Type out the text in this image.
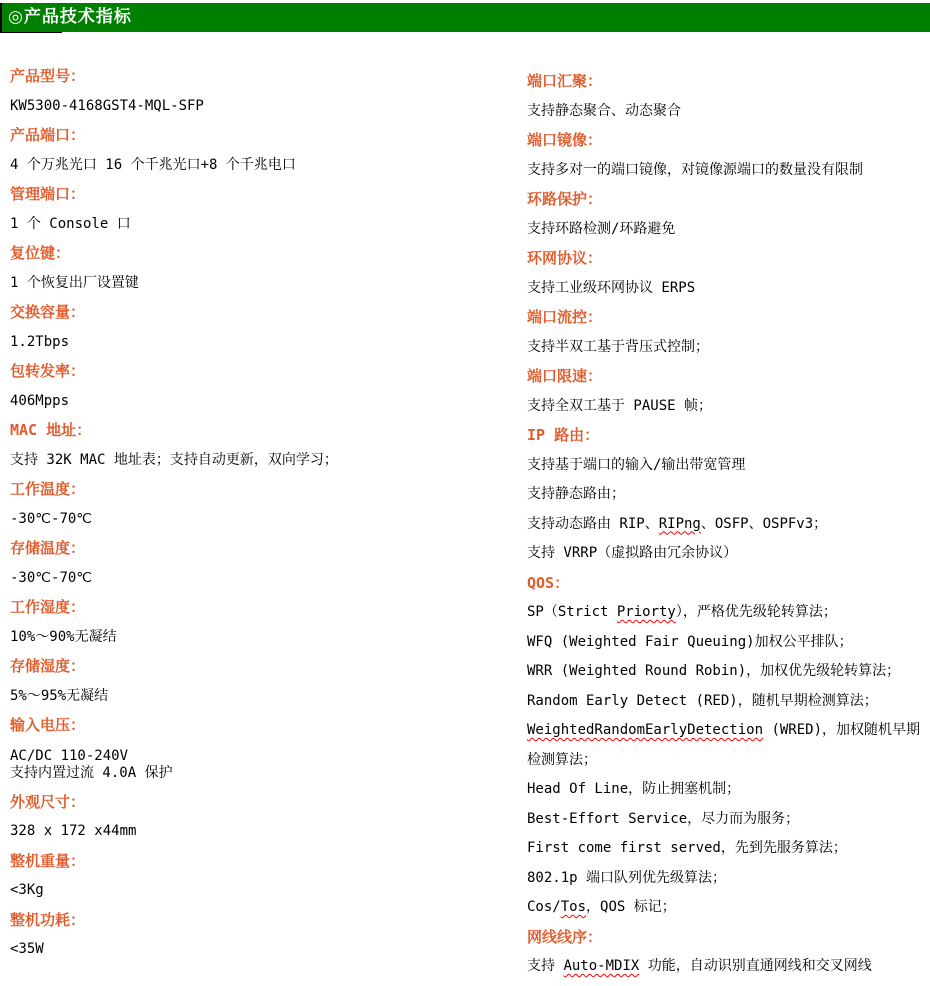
◎产品技术指标
产品型号：
KW5300-4168GST4-MQL-SFP
产品端口：
4 个万兆光口 16 个千兆光口+8 个千兆电口
管理端口：
1 个 Console 口
复位键：
1 个恢复出厂设置键
交换容量：
1.2Tbps
包转发率：
406Mpps
MAC 地址：
支持 32K MAC 地址表；支持自动更新，双向学习；
工作温度：
-30℃-70℃
存储温度：
-30℃-70℃
工作湿度：
10%～90%无凝结
存储湿度：
5%～95%无凝结
输入电压：
AC/DC 110-240V
支持内置过流 4.0A 保护
外观尺寸：
328 x 172 x44mm
整机重量：
<3Kg
整机功耗：
<35W
端口汇聚：
支持静态聚合、动态聚合
端口镜像：
支持多对一的端口镜像，对镜像源端口的数量没有限制
环路保护：
支持环路检测/环路避免
环网协议：
支持工业级环网协议 ERPS
端口流控：
支持半双工基于背压式控制；
端口限速：
支持全双工基于 PAUSE 帧；
IP 路由：
支持基于端口的输入/输出带宽管理
支持静态路由；
支持动态路由 RIP、RIPng、OSFP、OSPFv3；
支持 VRRP（虚拟路由冗余协议）
QOS：
SP（Strict Priorty），严格优先级轮转算法；
WFQ (Weighted Fair Queuing)加权公平排队；
WRR (Weighted Round Robin)，加权优先级轮转算法；
Random Early Detect (RED)，随机早期检测算法；
WeightedRandomEarlyDetection (WRED)，加权随机早期检测算法；
Head Of Line，防止拥塞机制；
Best-Effort Service，尽力而为服务；
First come first served，先到先服务算法；
802.1p 端口队列优先级算法；
Cos/Tos，QOS 标记；
网线线序：
支持 Auto-MDIX 功能，自动识别直通网线和交叉网线
